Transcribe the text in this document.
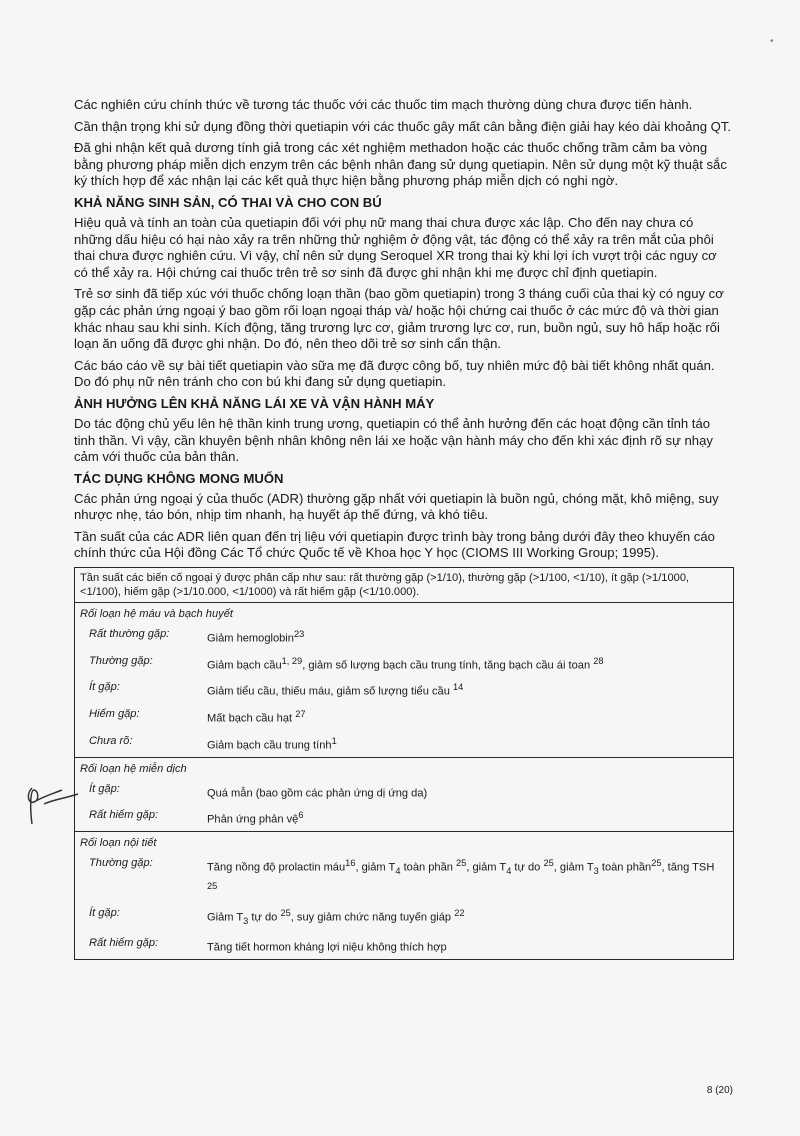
•

Các nghiên cứu chính thức về tương tác thuốc với các thuốc tim mạch thường dùng chưa được tiến hành.

Cần thận trọng khi sử dụng đồng thời quetiapin với các thuốc gây mất cân bằng điện giải hay kéo dài khoảng QT.

Đã ghi nhận kết quả dương tính giả trong các xét nghiệm methadon hoặc các thuốc chống trầm cảm ba vòng bằng phương pháp miễn dịch enzym trên các bệnh nhân đang sử dụng quetiapin. Nên sử dụng một kỹ thuật sắc ký thích hợp để xác nhận lại các kết quả thực hiện bằng phương pháp miễn dịch có nghi ngờ.

KHẢ NĂNG SINH SẢN, CÓ THAI VÀ CHO CON BÚ

Hiệu quả và tính an toàn của quetiapin đối với phụ nữ mang thai chưa được xác lập. Cho đến nay chưa có những dấu hiệu có hại nào xảy ra trên những thử nghiệm ở động vật, tác động có thể xảy ra trên mắt của phôi thai chưa được nghiên cứu. Vì vậy, chỉ nên sử dụng Seroquel XR trong thai kỳ khi lợi ích vượt trội các nguy cơ có thể xảy ra. Hội chứng cai thuốc trên trẻ sơ sinh đã được ghi nhận khi mẹ được chỉ định quetiapin.

Trẻ sơ sinh đã tiếp xúc với thuốc chống loạn thần (bao gồm quetiapin) trong 3 tháng cuối của thai kỳ có nguy cơ gặp các phản ứng ngoại ý bao gồm rối loạn ngoại tháp và/ hoặc hội chứng cai thuốc ở các mức độ và thời gian khác nhau sau khi sinh. Kích động, tăng trương lực cơ, giảm trương lực cơ, run, buồn ngủ, suy hô hấp hoặc rối loạn ăn uống đã được ghi nhận. Do đó, nên theo dõi trẻ sơ sinh cẩn thận.

Các báo cáo về sự bài tiết quetiapin vào sữa mẹ đã được công bố, tuy nhiên mức độ bài tiết không nhất quán. Do đó phụ nữ nên tránh cho con bú khi đang sử dụng quetiapin.

ẢNH HƯỞNG LÊN KHẢ NĂNG LÁI XE VÀ VẬN HÀNH MÁY

Do tác động chủ yếu lên hệ thần kinh trung ương, quetiapin có thể ảnh hưởng đến các hoạt động cần tỉnh táo tinh thần. Vì vậy, cần khuyên bệnh nhân không nên lái xe hoặc vận hành máy cho đến khi xác định rõ sự nhạy cảm với thuốc của bản thân.

TÁC DỤNG KHÔNG MONG MUỐN

Các phản ứng ngoại ý của thuốc (ADR) thường gặp nhất với quetiapin là buồn ngủ, chóng mặt, khô miệng, suy nhược nhẹ, táo bón, nhịp tim nhanh, hạ huyết áp thế đứng, và khó tiêu.

Tần suất của các ADR liên quan đến trị liệu với quetiapin được trình bày trong bảng dưới đây theo khuyến cáo chính thức của Hội đồng Các Tổ chức Quốc tế về Khoa học Y học (CIOMS III Working Group; 1995).

Tần suất các biến cố ngoại ý được phân cấp như sau: rất thường gặp (>1/10), thường gặp (>1/100, <1/10), ít gặp (>1/1000, <1/100), hiếm gặp (>1/10.000, <1/1000) và rất hiếm gặp (<1/10.000).
Rối loạn hệ máu và bạch huyết
Rất thường gặp:	Giảm hemoglobin$^{23}$
Thường gặp:	Giảm bạch cầu$^{1, 29}$, giảm số lượng bạch cầu trung tính, tăng bạch cầu ái toan $^{28}$
Ít gặp:	Giảm tiểu cầu, thiếu máu, giảm số lượng tiểu cầu $^{14}$
Hiếm gặp:	Mất bạch cầu hạt $^{27}$
Chưa rõ:	Giảm bạch cầu trung tính$^1$
Rối loạn hệ miễn dịch
Ít gặp:	Quá mẫn (bao gồm các phản ứng dị ứng da)
Rất hiếm gặp:	Phản ứng phản vệ$^6$
Rối loạn nội tiết
Thường gặp:	Tăng nồng độ prolactin máu$^{16}$, giảm $T_4$ toàn phần $^{25}$, giảm $T_4$ tự do $^{25}$, giảm $T_3$ toàn phần$^{25}$, tăng TSH $^{25}$
Ít gặp:	Giảm $T_3$ tự do $^{25}$, suy giảm chức năng tuyến giáp $^{22}$
Rất hiếm gặp:	Tăng tiết hormon kháng lợi niệu không thích hợp
8 (20)
